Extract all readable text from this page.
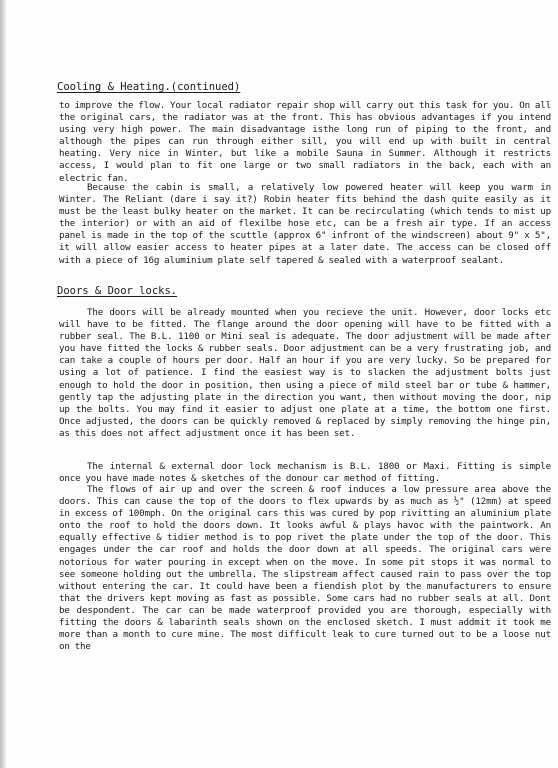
Cooling & Heating.(continued)

to improve the flow. Your local radiator repair shop will carry out this task for you. On all the original cars, the radiator was at the front. This has obvious advantages if you intend using very high power. The main disadvantage isthe long run of piping to the front, and although the pipes can run through either sill, you will end up with built in central heating. Very nice in Winter, but like a mobile Sauna in Summer. Although it restricts access, I would plan to fit one large or two small radiators in the back, each with an electric fan.

Because the cabin is small, a relatively low powered heater will keep you warm in Winter. The Reliant (dare i say it?) Robin heater fits behind the dash quite easily as it must be the least bulky heater on the market. It can be recirculating (which tends to mist up the interior) or with an aid of flexilbe hose etc, can be a fresh air type. If an access panel is made in the top of the scuttle (approx 6" infront of the windscreen) about 9" x 5", it will allow easier access to heater pipes at a later date. The access can be closed off with a piece of 16g aluminium plate self tapered & sealed with a waterproof sealant.

Doors & Door locks.

The doors will be already mounted when you recieve the unit. However, door locks etc will have to be fitted. The flange around the door opening will have to be fitted with a rubber seal. The B.L. 1100 or Mini seal is adequate. The door adjustment will be made after you have fitted the locks & rubber seals. Door adjustment can be a very frustrating job, and can take a couple of hours per door. Half an hour if you are very lucky. So be prepared for using a lot of patience. I find the easiest way is to slacken the adjustment bolts just enough to hold the door in position, then using a piece of mild steel bar or tube & hammer, gently tap the adjusting plate in the direction you want, then without moving the door, nip up the bolts. You may find it easier to adjust one plate at a time, the bottom one first. Once adjusted, the doors can be quickly removed & replaced by simply removing the hinge pin, as this does not affect adjustment once it has been set.

The internal & external door lock mechanism is B.L. 1800 or Maxi. Fitting is simple once you have made notes & sketches of the donour car method of fitting.

The flows of air up and over the screen & roof induces a low pressure area above the doors. This can cause the top of the doors to flex upwards by as much as ½" (12mm) at speed in excess of 100mph. On the original cars this was cured by pop rivitting an aluminium plate onto the roof to hold the doors down. It looks awful & plays havoc with the paintwork. An equally effective & tidier method is to pop rivet the plate under the top of the door. This engages under the car roof and holds the door down at all speeds. The original cars were notorious for water pouring in except when on the move. In some pit stops it was normal to see someone holding out the umbrella. The slipstream affect caused rain to pass over the top without entering the car. It could have been a fiendish plot by the manufacturers to ensure that the drivers kept moving as fast as possible. Some cars had no rubber seals at all. Dont be despondent. The car can be made waterproof provided you are thorough, especially with fitting the doors & labarinth seals shown on the enclosed sketch. I must addmit it took me more than a month to cure mine. The most difficult leak to cure turned out to be a loose nut on the
